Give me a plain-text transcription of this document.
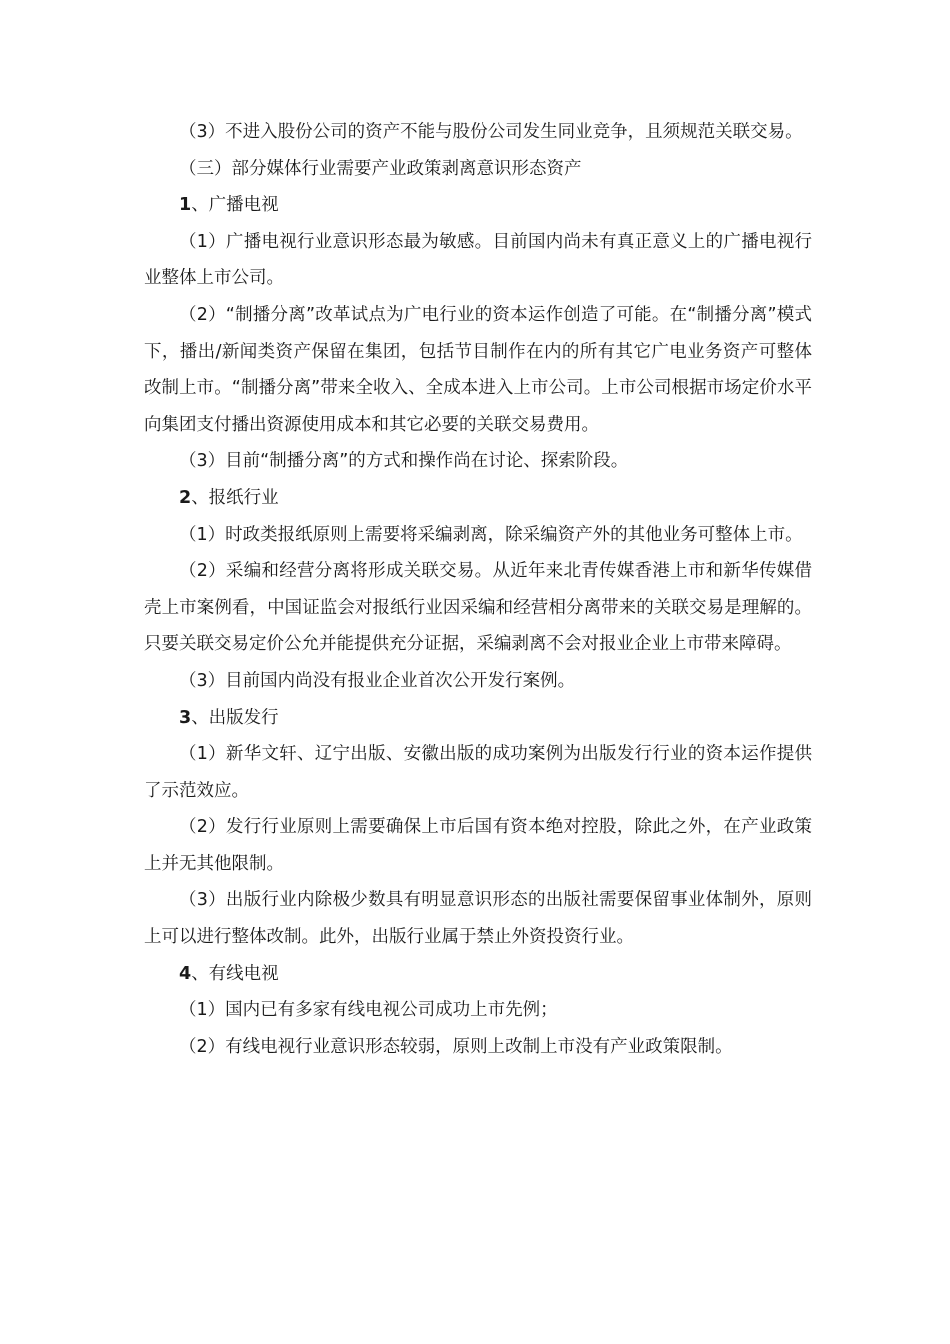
（3）不进入股份公司的资产不能与股份公司发生同业竞争，且须规范关联交易。

（三）部分媒体行业需要产业政策剥离意识形态资产

1、广播电视

（1）广播电视行业意识形态最为敏感。目前国内尚未有真正意义上的广播电视行业整体上市公司。

（2）“制播分离”改革试点为广电行业的资本运作创造了可能。在“制播分离”模式下，播出/新闻类资产保留在集团，包括节目制作在内的所有其它广电业务资产可整体改制上市。“制播分离”带来全收入、全成本进入上市公司。上市公司根据市场定价水平向集团支付播出资源使用成本和其它必要的关联交易费用。

（3）目前“制播分离”的方式和操作尚在讨论、探索阶段。

2、报纸行业

（1）时政类报纸原则上需要将采编剥离，除采编资产外的其他业务可整体上市。

（2）采编和经营分离将形成关联交易。从近年来北青传媒香港上市和新华传媒借壳上市案例看，中国证监会对报纸行业因采编和经营相分离带来的关联交易是理解的。只要关联交易定价公允并能提供充分证据，采编剥离不会对报业企业上市带来障碍。

（3）目前国内尚没有报业企业首次公开发行案例。

3、出版发行

（1）新华文轩、辽宁出版、安徽出版的成功案例为出版发行行业的资本运作提供了示范效应。

（2）发行行业原则上需要确保上市后国有资本绝对控股，除此之外，在产业政策上并无其他限制。

（3）出版行业内除极少数具有明显意识形态的出版社需要保留事业体制外，原则上可以进行整体改制。此外，出版行业属于禁止外资投资行业。

4、有线电视

（1）国内已有多家有线电视公司成功上市先例；

（2）有线电视行业意识形态较弱，原则上改制上市没有产业政策限制。
